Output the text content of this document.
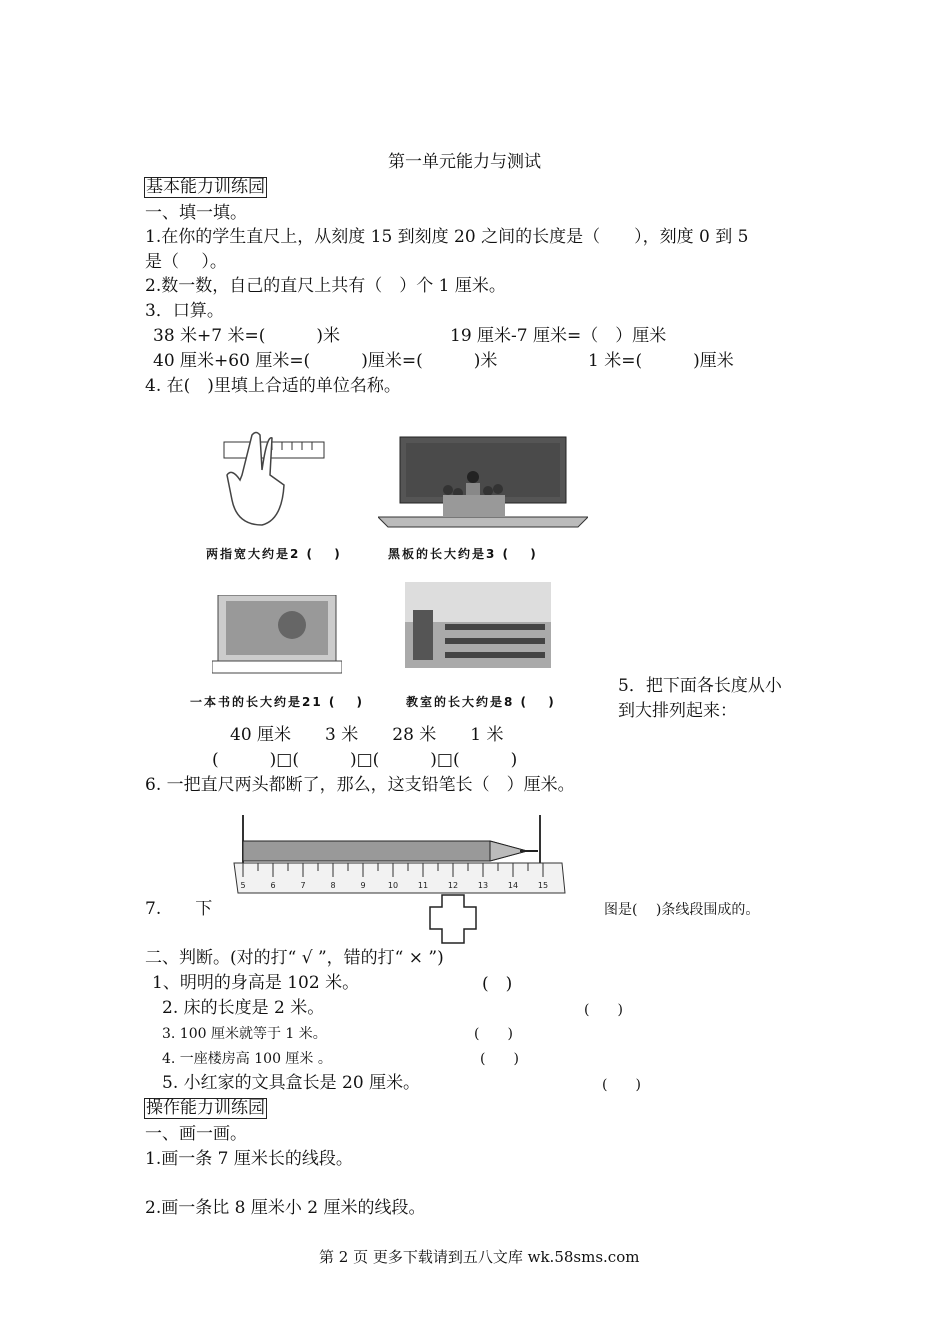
第一单元能力与测试
基本能力训练园
一、填一填。
1.在你的学生直尺上，从刻度 15 到刻度 20 之间的长度是（　　），刻度 0 到 5
是（　 ）。
2.数一数，自己的直尺上共有（　）个 1 厘米。
3．口算。
38 米+7 米=(　　　)米	19 厘米-7 厘米=（　）厘米
40 厘米+60 厘米=(　　　)厘米=(　　　)米	1 米=(　　　)厘米
4. 在(　)里填上合适的单位名称。
两指宽大约是2 (　 )	黑板的长大约是3 (　 )
一本书的长大约是21 (　 )	教室的长大约是8 (　 )
5．把下面各长度从小
到大排列起来：
40 厘米　　3 米　　28 米　　1 米
(　　　)□(　　　)□(　　　)□(　　　)
6. 一把直尺两头都断了，那么，这支铅笔长（　）厘米。
5	6	7	8	9	10 11 12 13 14 15
7.　　下	图是(　 )条线段围成的。
二、判断。(对的打“ √ ”，错的打“ × ”)
1、明明的身高是 102 米。	(　)
2. 床的长度是 2 米。	(　　)
3. 100 厘米就等于 1 米。	(　　)
4. 一座楼房高 100 厘米 。	(　　)
5. 小红家的文具盒长是 20 厘米。	(　　)
操作能力训练园
一、画一画。
1.画一条 7 厘米长的线段。
2.画一条比 8 厘米小 2 厘米的线段。
第 2 页 更多下载请到五八文库 wk.58sms.com
